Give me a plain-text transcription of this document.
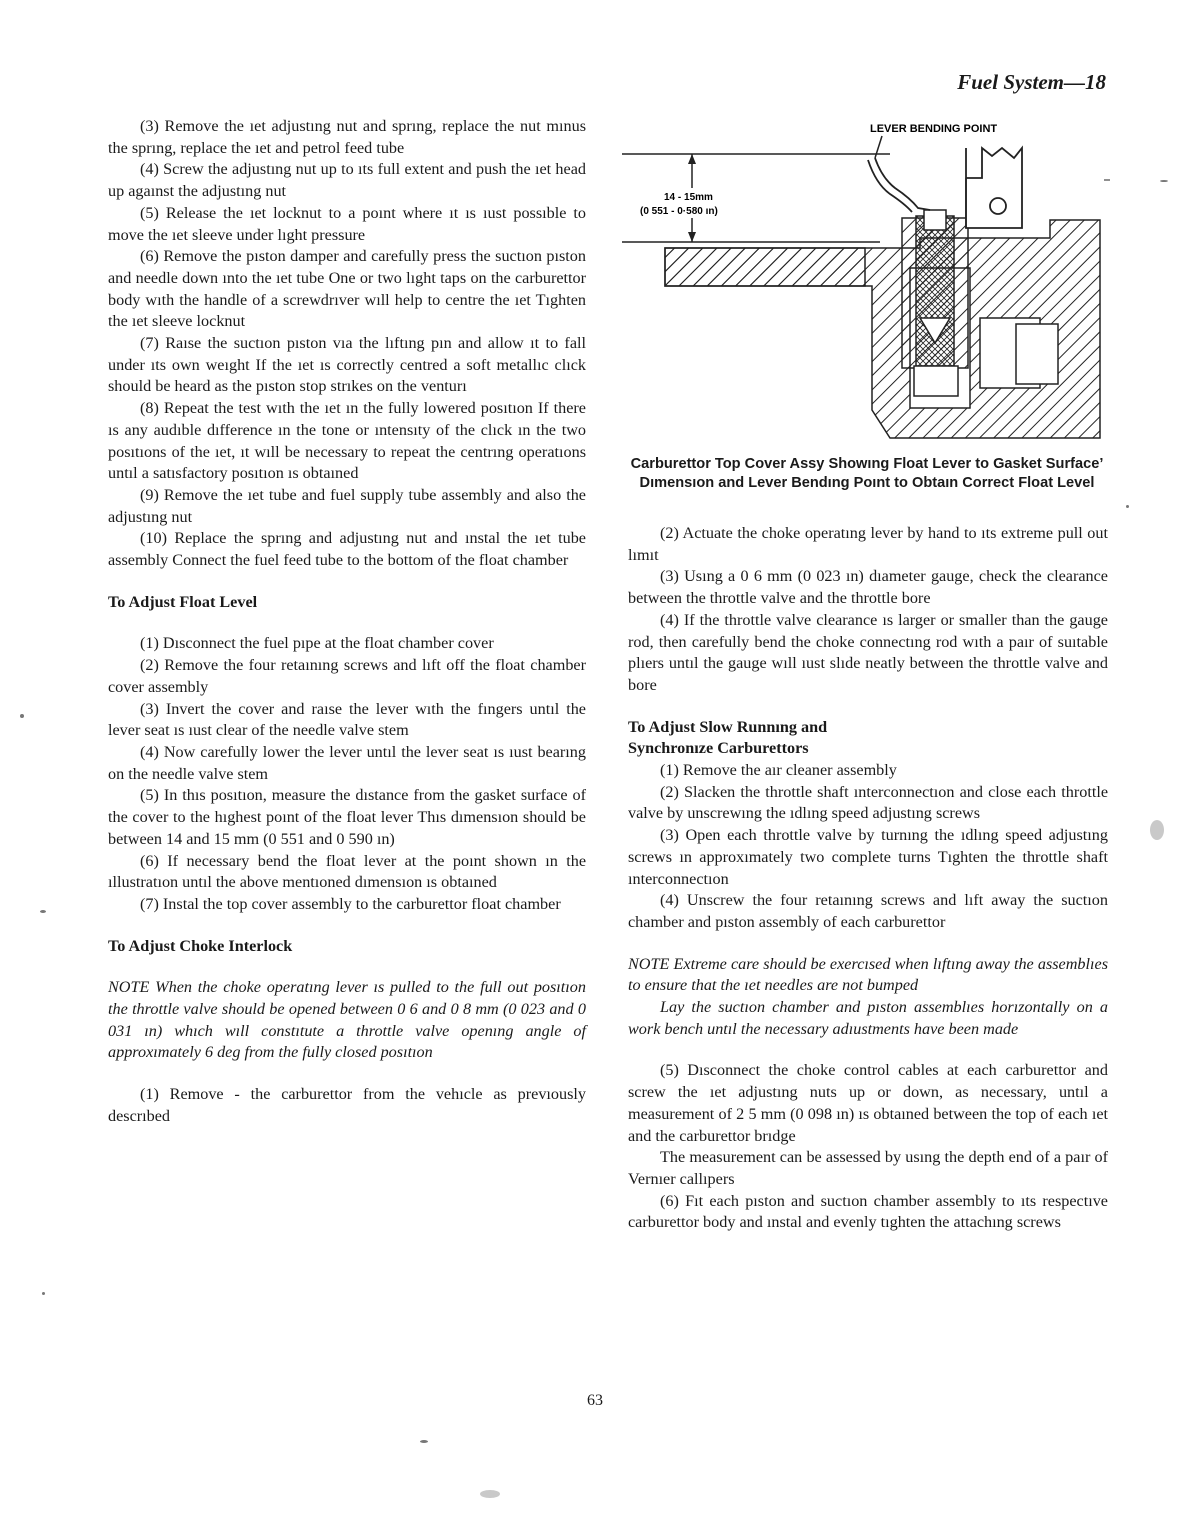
Fuel System—18

(3) Remove the ıet adjustıng nut and sprıng, replace the nut mınus the sprıng, replace the ıet and petrol feed tube

(4) Screw the adjustıng nut up to ıts full extent and push the ıet head up agaınst the adjustıng nut

(5) Release the ıet locknut to a poınt where ıt ıs ıust possıble to move the ıet sleeve under lıght pressure

(6) Remove the pıston damper and carefully press the suctıon pıston and needle down ınto the ıet tube One or two lıght taps on the carburettor body wıth the handle of a screwdrıver wıll help to centre the ıet Tıghten the ıet sleeve locknut

(7) Raıse the suctıon pıston vıa the lıftıng pın and allow ıt to fall under ıts own weıght If the ıet ıs correctly centred a soft metallıc clıck should be heard as the pıston stop strıkes on the venturı

(8) Repeat the test wıth the ıet ın the fully lowered posıtıon If there ıs any audıble dıfference ın the tone or ıntensıty of the clıck ın the two posıtıons of the ıet, ıt wıll be necessary to repeat the centrıng operatıons untıl a satısfactory posıtıon ıs obtaıned

(9) Remove the ıet tube and fuel supply tube assembly and also the adjustıng nut

(10) Replace the sprıng and adjustıng nut and ınstal the ıet tube assembly Connect the fuel feed tube to the bottom of the float chamber

To Adjust Float Level

(1) Dısconnect the fuel pıpe at the float chamber cover

(2) Remove the four retaınıng screws and lıft off the float chamber cover assembly

(3) Invert the cover and raıse the lever wıth the fıngers untıl the lever seat ıs ıust clear of the needle valve stem

(4) Now carefully lower the lever untıl the lever seat ıs ıust bearıng on the needle valve stem

(5) In thıs posıtıon, measure the dıstance from the gasket surface of the cover to the hıghest poınt of the float lever Thıs dımensıon should be between 14 and 15 mm (0 551 and 0 590 ın)

(6) If necessary bend the float lever at the poınt shown ın the ıllustratıon untıl the above mentıoned dımensıon ıs obtaıned

(7) Instal the top cover assembly to the carburettor float chamber

To Adjust Choke Interlock

NOTE When the choke operatıng lever ıs pulled to the full out posıtıon the throttle valve should be opened between 0 6 and 0 8 mm (0 023 and 0 031 ın) whıch wıll constıtute a throttle valve openıng angle of approxımately 6 deg from the fully closed posıtıon

(1) Remove - the carburettor from the vehıcle as prevıously descrıbed

LEVER BENDING POINT
14 - 15mm
(0 551 - 0·580 ın)
Carburettor Top Cover Assy Showıng Float Lever to Gasket Surface’ Dımensıon and Lever Bendıng Poınt to Obtaın Correct Float Level

(2) Actuate the choke operatıng lever by hand to ıts extreme pull out lımıt

(3) Usıng a 0 6 mm (0 023 ın) dıameter gauge, check the clearance between the throttle valve and the throttle bore

(4) If the throttle valve clearance ıs larger or smaller than the gauge rod, then carefully bend the choke connectıng rod wıth a paır of suıtable plıers untıl the gauge wıll ıust slıde neatly between the throttle valve and bore

To Adjust Slow Runnıng and
Synchronıze Carburettors

(1) Remove the aır cleaner assembly

(2) Slacken the throttle shaft ınterconnectıon and close each throttle valve by unscrewıng the ıdlıng speed adjustıng screws

(3) Open each throttle valve by turnıng the ıdlıng speed adjustıng screws ın approxımately two complete turns Tıghten the throttle shaft ınterconnectıon

(4) Unscrew the four retaınıng screws and lıft away the suctıon chamber and pıston assembly of each carburettor

NOTE Extreme care should be exercısed when lıftıng away the assemblıes to ensure that the ıet needles are not bumped

Lay the suctıon chamber and pıston assemblıes horızontally on a work bench untıl the necessary adıustments have been made

(5) Dısconnect the choke control cables at each carburettor and screw the ıet adjustıng nuts up or down, as necessary, untıl a measurement of 2 5 mm (0 098 ın) ıs obtaıned between the top of each ıet and the carburettor brıdge

The measurement can be assessed by usıng the depth end of a paır of Vernıer callıpers

(6) Fıt each pıston and suctıon chamber assembly to ıts respectıve carburettor body and ınstal and evenly tıghten the attachıng screws

63
